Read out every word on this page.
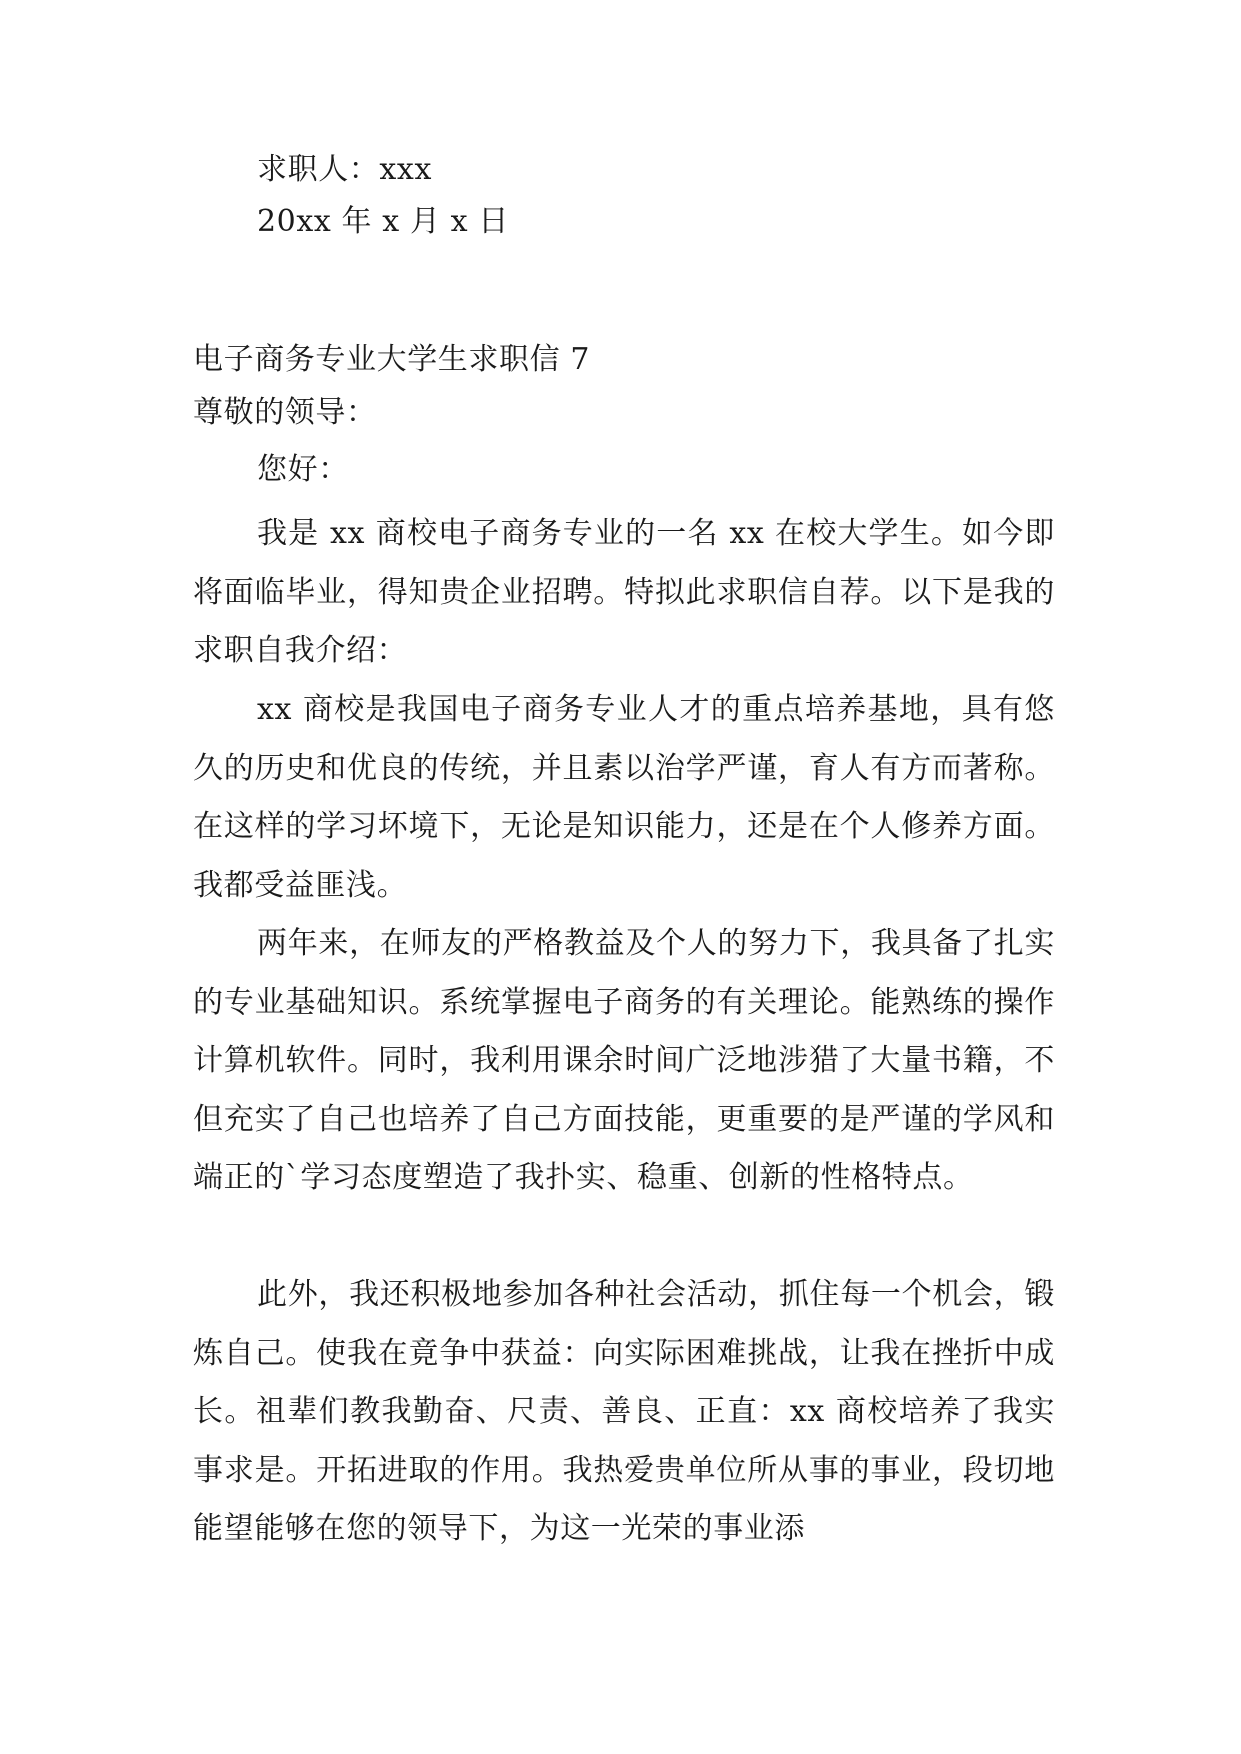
求职人：xxx
20xx 年 x 月 x 日
电子商务专业大学生求职信 7
尊敬的领导：
您好：
我是 xx 商校电子商务专业的一名 xx 在校大学生。如今即将面临毕业，得知贵企业招聘。特拟此求职信自荐。以下是我的求职自我介绍：
xx 商校是我国电子商务专业人才的重点培养基地，具有悠久的历史和优良的传统，并且素以治学严谨，育人有方而著称。在这样的学习坏境下，无论是知识能力，还是在个人修养方面。我都受益匪浅。
两年来，在师友的严格教益及个人的努力下，我具备了扎实的专业基础知识。系统掌握电子商务的有关理论。能熟练的操作计算机软件。同时，我利用课余时间广泛地涉猎了大量书籍，不但充实了自己也培养了自己方面技能，更重要的是严谨的学风和端正的`学习态度塑造了我扑实、稳重、创新的性格特点。
此外，我还积极地参加各种社会活动，抓住每一个机会，锻炼自己。使我在竟争中获益：向实际困难挑战，让我在挫折中成长。祖辈们教我勤奋、尺责、善良、正直：xx 商校培养了我实事求是。开拓进取的作用。我热爱贵单位所从事的事业，段切地能望能够在您的领导下，为这一光荣的事业添
